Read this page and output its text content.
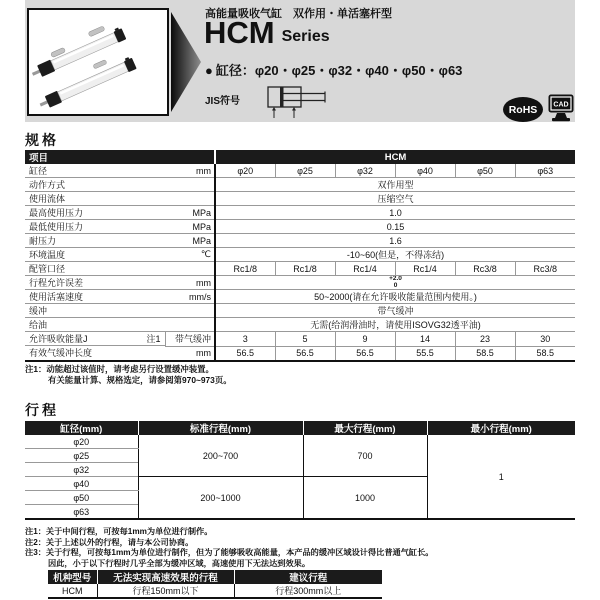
高能量吸收气缸　双作用・单活塞杆型
HCM Series
● 缸径：φ20・φ25・φ32・φ40・φ50・φ63
JIS符号
RoHS	CAD
规格
项目		HCM					
缸径	mm	φ20	φ25	φ32	φ40	φ50	φ63
动作方式		双作用型					
使用流体		压缩空气					
最高使用压力	MPa	1.0					
最低使用压力	MPa	0.15					
耐压力	MPa	1.6					
环境温度	℃	-10~60(但是，不得冻结)					
配管口径		Rc1/8	Rc1/8	Rc1/4	Rc1/4	Rc3/8	Rc3/8
行程允许误差	mm	+2.0
0					

使用活塞速度	mm/s	50~2000(请在允许吸收能量范围内使用。)					
缓冲		带气缓冲					
给油		无需(给润滑油时，请使用ISOVG32透平油)					

允许吸收能量J	注1 带气缓冲	3	5	9	14	23	30
有效气缓冲长度	mm	56.5	56.5	56.5	55.5	58.5	58.5
注1：动能超过该值时，请考虑另行设置缓冲装置。
有关能量计算、规格选定，请参阅第970~973页。
行程
缸径(mm)	标准行程(mm)	最大行程(mm)	最小行程(mm)
φ20	200~700	700	1
φ25			
φ32			
φ40	200~1000	1000	
φ50			
φ63			
注1：关于中间行程，可按每1mm为单位进行制作。
注2：关于上述以外的行程，请与本公司协商。
注3：关于行程，可按每1mm为单位进行制作，但为了能够吸收高能量，本产品的缓冲区域设计得比普通气缸长。
因此，小于以下行程时几乎全部为缓冲区域，高速使用下无法达到效果。
机种型号	无法实现高速效果的行程	建议行程
HCM	行程150mm以下	行程300mm以上
